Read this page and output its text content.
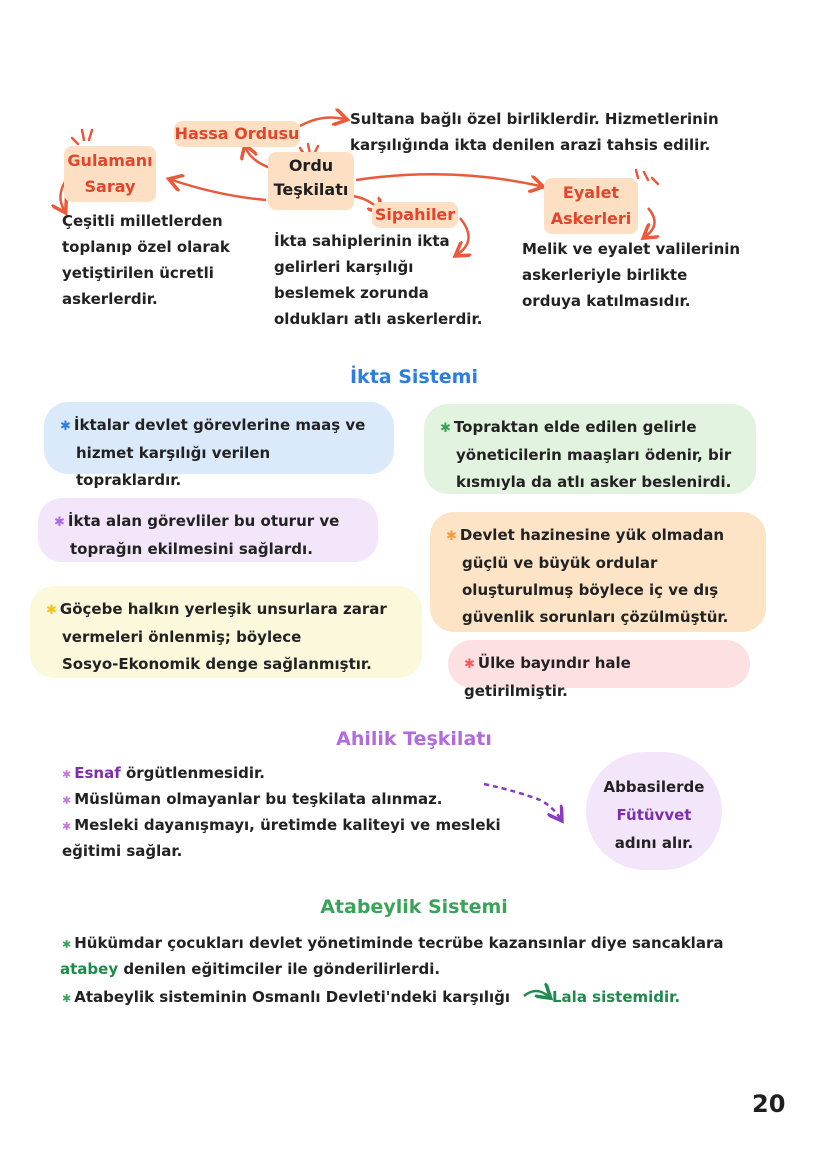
Ordu
Teşkilatı
Hassa Ordusu
Sultana bağlı özel birliklerdir. Hizmetlerinin
karşılığında ikta denilen arazi tahsis edilir.
Gulamanı
Saray
Çeşitli milletlerden
toplanıp özel olarak
yetiştirilen ücretli
askerlerdir.
Sipahiler
İkta sahiplerinin ikta
gelirleri karşılığı
beslemek zorunda
oldukları atlı askerlerdir.
Eyalet
Askerleri
Melik ve eyalet valilerinin
askerleriyle birlikte
orduya katılmasıdır.
İkta Sistemi
✱ İktalar devlet görevlerine maaş ve
hizmet karşılığı verilen topraklardır.
✱ Topraktan elde edilen gelirle
yöneticilerin maaşları ödenir, bir
kısmıyla da atlı asker beslenirdi.
✱ İkta alan görevliler bu oturur ve
toprağın ekilmesini sağlardı.
✱ Devlet hazinesine yük olmadan
güçlü ve büyük ordular
oluşturulmuş böylece iç ve dış
güvenlik sorunları çözülmüştür.
✱ Göçebe halkın yerleşik unsurlara zarar
vermeleri önlenmiş; böylece
Sosyo-Ekonomik denge sağlanmıştır.	✱ Ülke bayındır hale getirilmiştir.
Ahilik Teşkilatı
✱ Esnaf örgütlenmesidir.
✱ Müslüman olmayanlar bu teşkilata alınmaz.
✱ Mesleki dayanışmayı, üretimde kaliteyi ve mesleki
eğitimi sağlar.
Abbasilerde
Fütüvvet
adını alır.
Atabeylik Sistemi
✱ Hükümdar çocukları devlet yönetiminde tecrübe kazansınlar diye sancaklara
atabey denilen eğitimciler ile gönderilirlerdi.
✱ Atabeylik sisteminin Osmanlı Devleti'ndeki karşılığı	Lala sistemidir.
20
